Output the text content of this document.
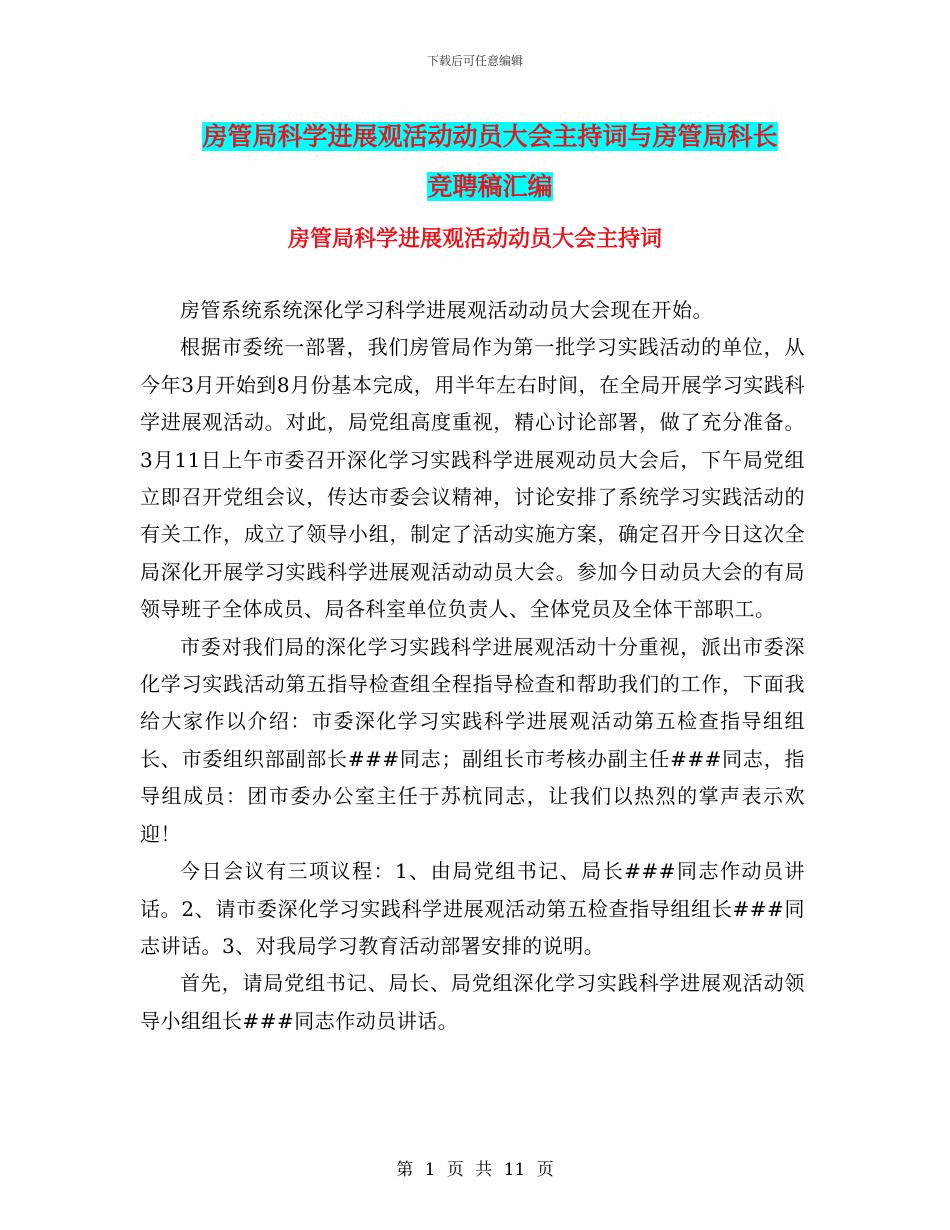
下载后可任意编辑
房管局科学进展观活动动员大会主持词与房管局科长
竞聘稿汇编
房管局科学进展观活动动员大会主持词

房管系统系统深化学习科学进展观活动动员大会现在开始。

根据市委统一部署，我们房管局作为第一批学习实践活动的单位，从今年3月开始到8月份基本完成，用半年左右时间，在全局开展学习实践科学进展观活动。对此，局党组高度重视，精心讨论部署，做了充分准备。3月11日上午市委召开深化学习实践科学进展观动员大会后，下午局党组立即召开党组会议，传达市委会议精神，讨论安排了系统学习实践活动的有关工作，成立了领导小组，制定了活动实施方案，确定召开今日这次全局深化开展学习实践科学进展观活动动员大会。参加今日动员大会的有局领导班子全体成员、局各科室单位负责人、全体党员及全体干部职工。

市委对我们局的深化学习实践科学进展观活动十分重视，派出市委深化学习实践活动第五指导检查组全程指导检查和帮助我们的工作，下面我给大家作以介绍：市委深化学习实践科学进展观活动第五检查指导组组长、市委组织部副部长###同志；副组长市考核办副主任###同志，指导组成员：团市委办公室主任于苏杭同志，让我们以热烈的掌声表示欢迎！

今日会议有三项议程：1、由局党组书记、局长###同志作动员讲话。2、请市委深化学习实践科学进展观活动第五检查指导组组长###同志讲话。3、对我局学习教育活动部署安排的说明。

首先，请局党组书记、局长、局党组深化学习实践科学进展观活动领导小组组长###同志作动员讲话。

第 1 页 共 11 页
